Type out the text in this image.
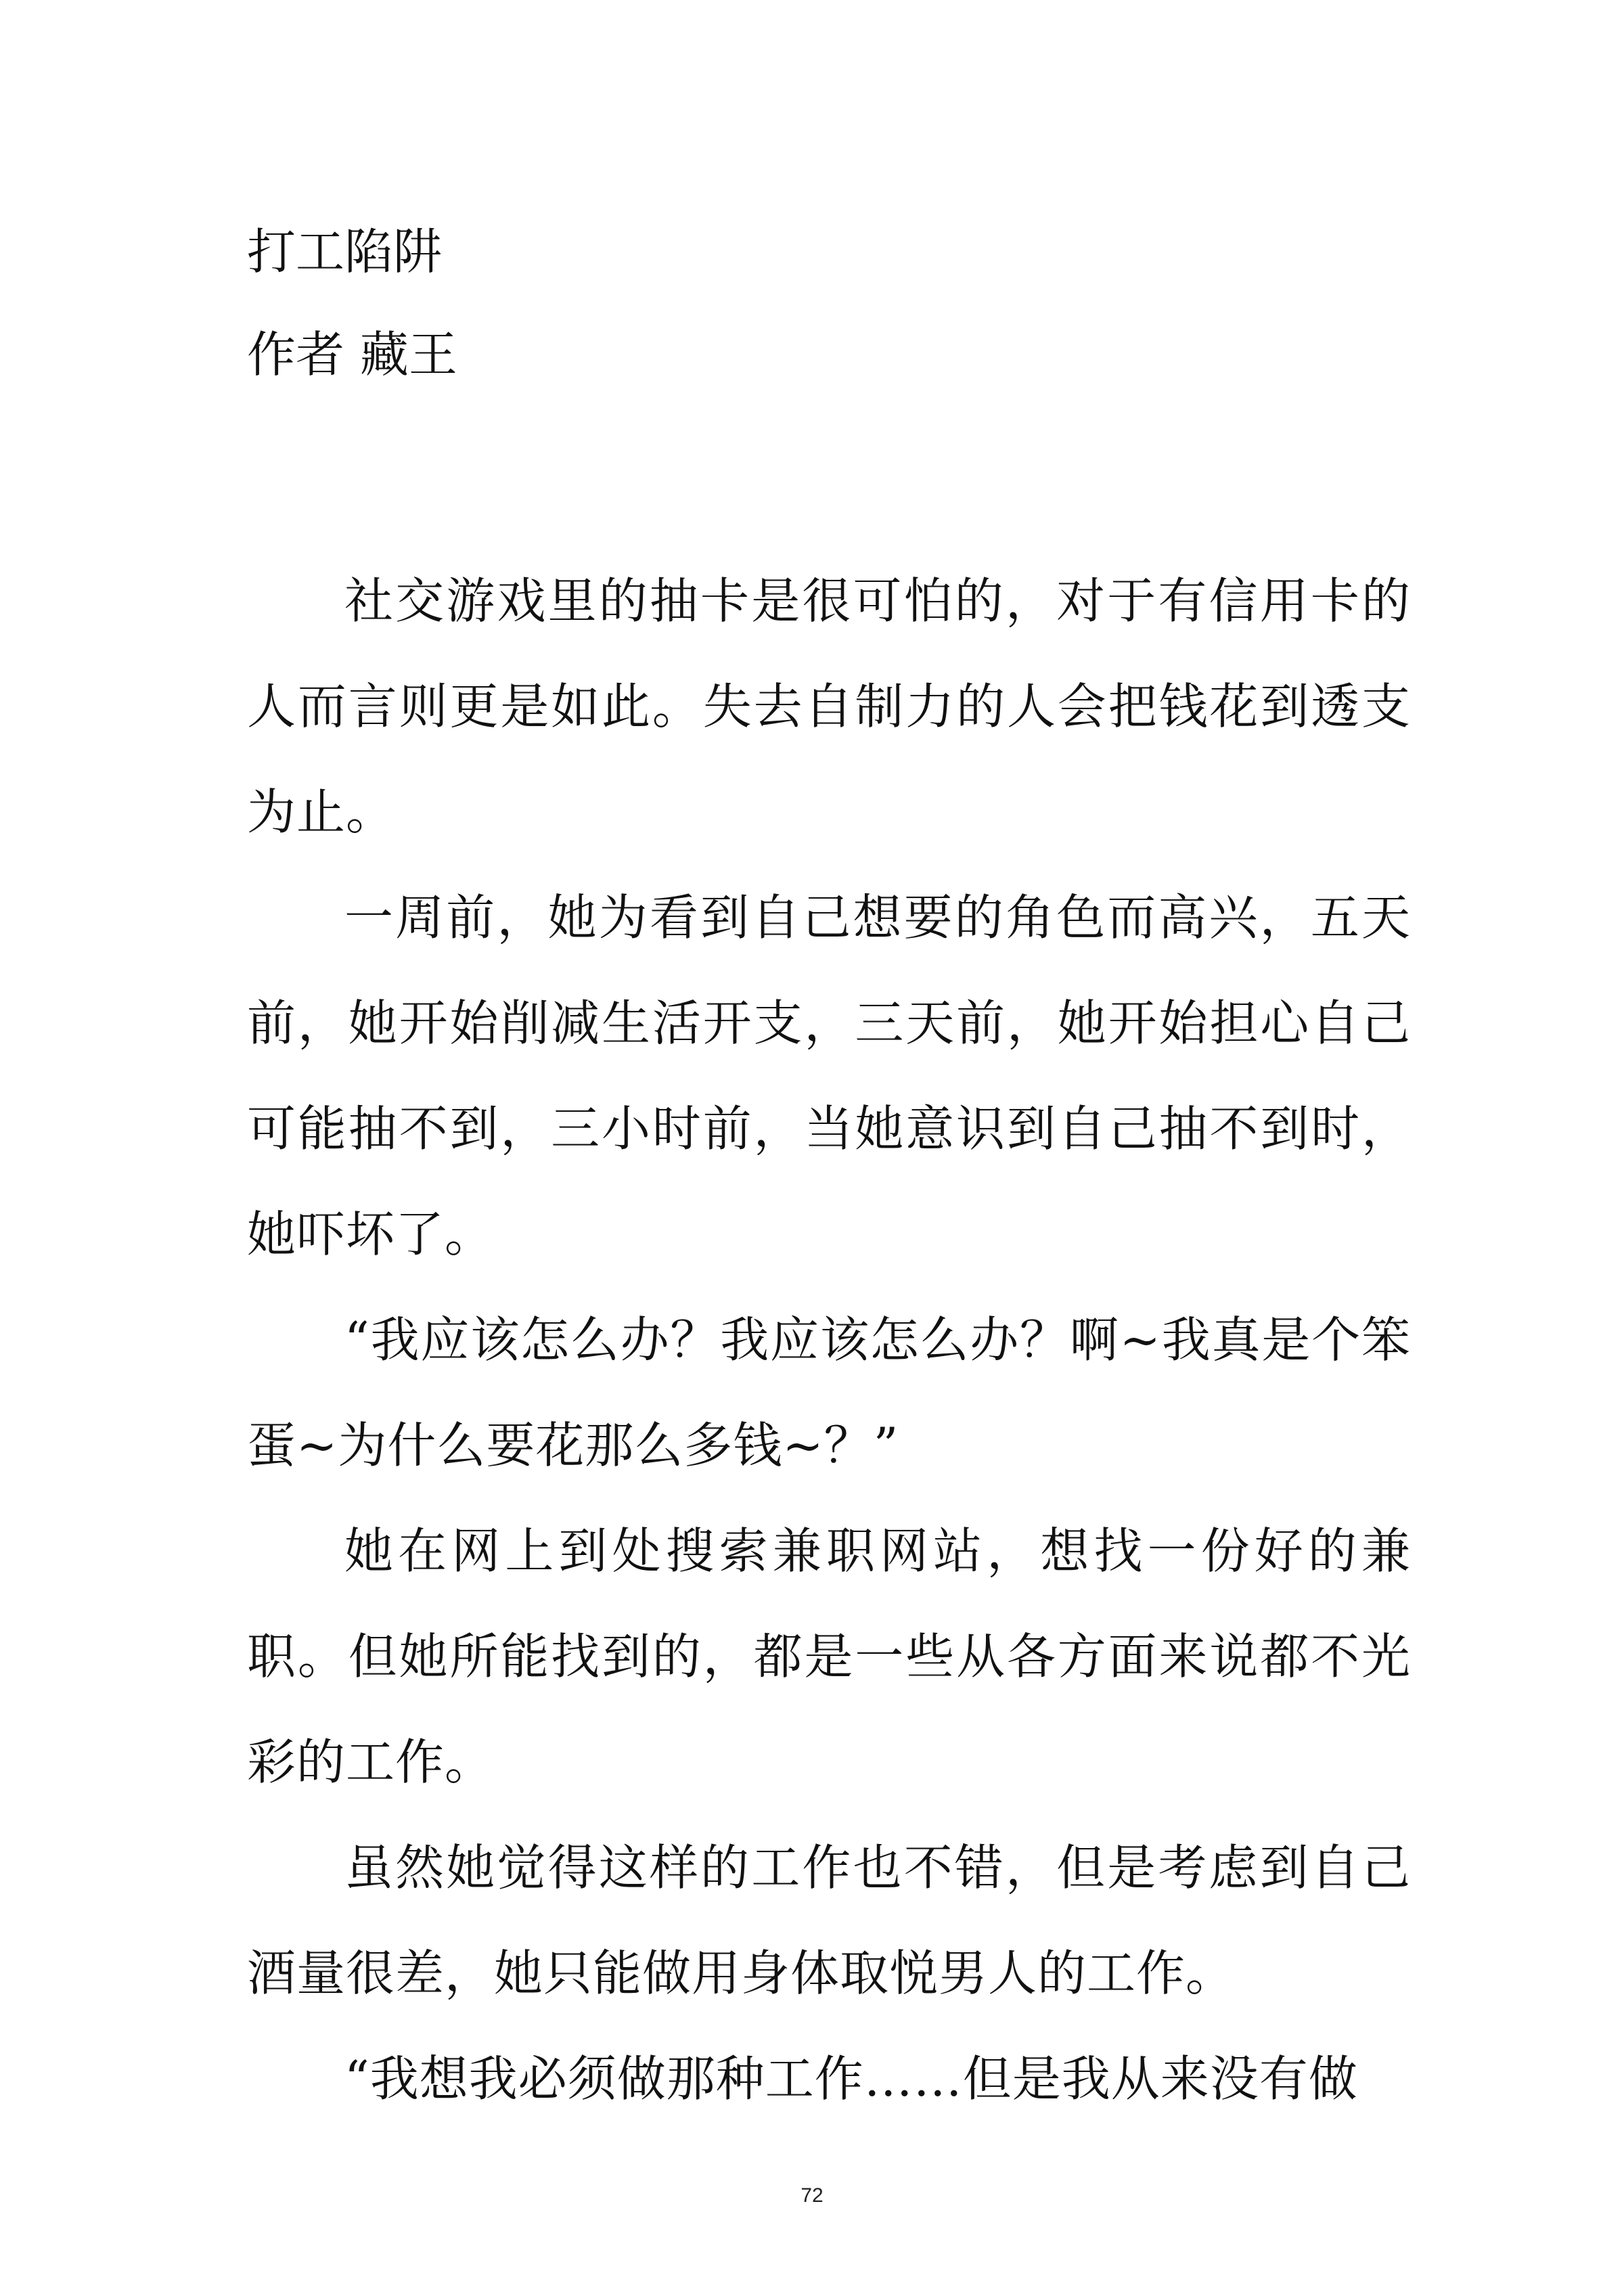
打工陷阱
作者 藏王

社交游戏里的抽卡是很可怕的，对于有信用卡的人而言则更是如此。失去自制力的人会把钱花到透支为止。

一周前，她为看到自己想要的角色而高兴，五天前，她开始削减生活开支，三天前，她开始担心自己可能抽不到，三小时前，当她意识到自己抽不到时，她吓坏了。

“我应该怎么办？我应该怎么办？啊~我真是个笨蛋~为什么要花那么多钱~？”

她在网上到处搜索兼职网站，想找一份好的兼职。但她所能找到的，都是一些从各方面来说都不光彩的工作。

虽然她觉得这样的工作也不错，但是考虑到自己酒量很差，她只能做用身体取悦男人的工作。

“我想我必须做那种工作……但是我从来没有做

72
